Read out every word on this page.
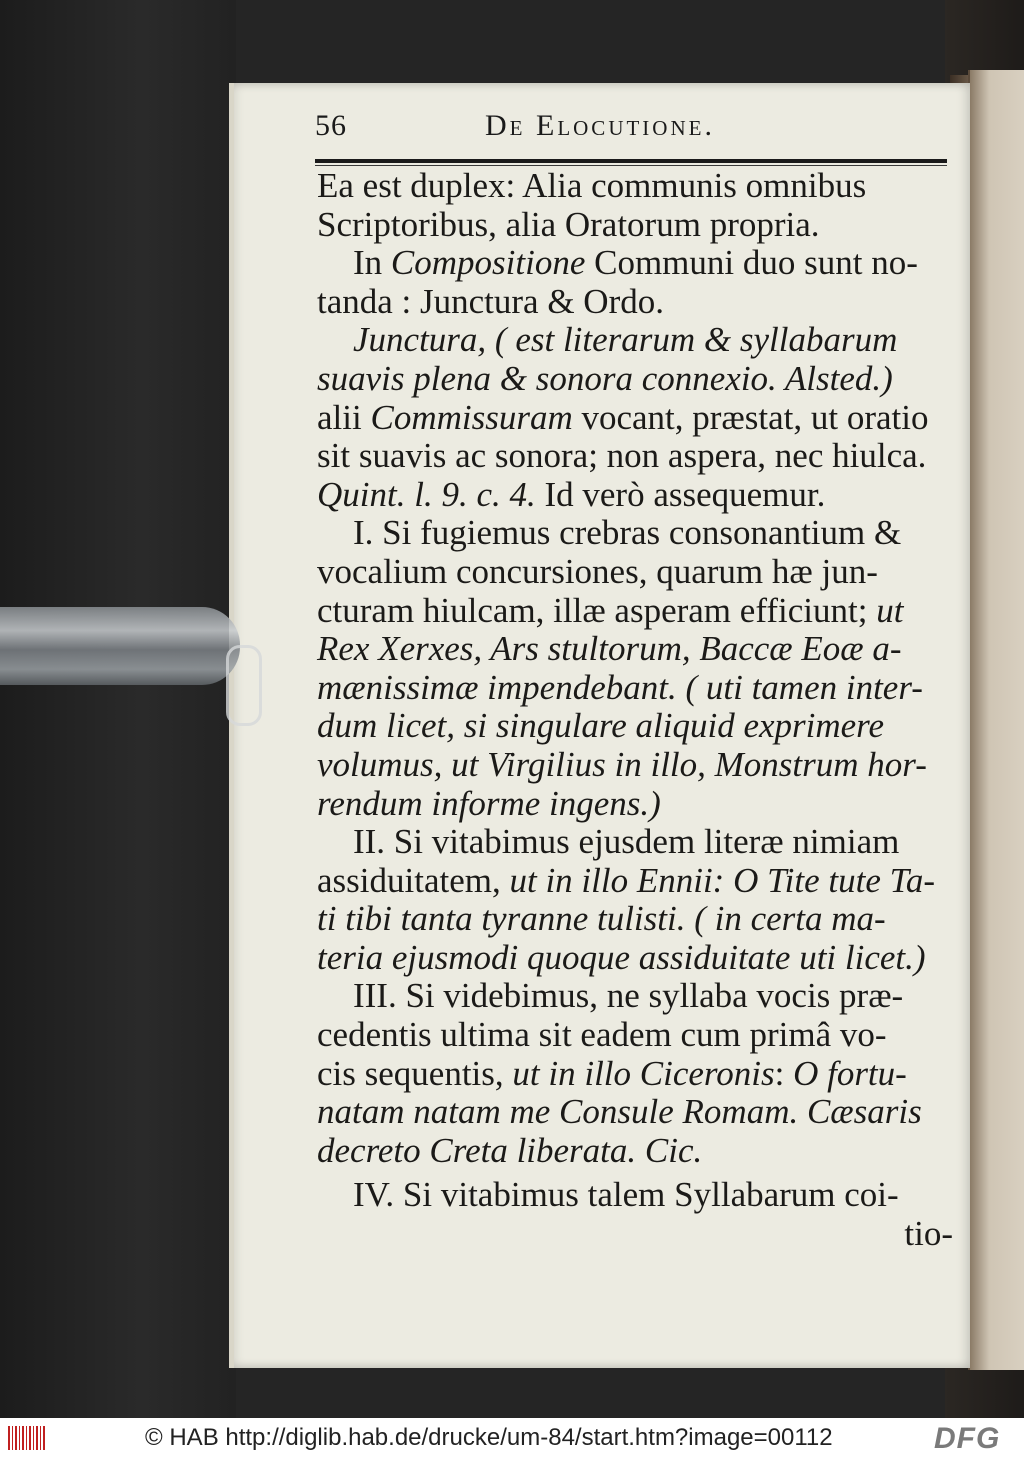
56	De Elocutione.
Ea est duplex: Alia communis omnibus
Scriptoribus, alia Oratorum propria.
In Compositione Communi duo sunt no-
tanda : Junctura & Ordo.
Junctura, ( est literarum & syllabarum
suavis plena & sonora connexio. Alsted.)
alii Commissuram vocant, præstat, ut oratio
sit suavis ac sonora; non aspera, nec hiulca.
Quint. l. 9. c. 4. Id verò assequemur.
I. Si fugiemus crebras consonantium &
vocalium concursiones, quarum hæ jun-
cturam hiulcam, illæ asperam efficiunt; ut
Rex Xerxes, Ars stultorum, Baccæ Eoæ a-
mænissimæ impendebant. ( uti tamen inter-
dum licet, si singulare aliquid exprimere
volumus, ut Virgilius in illo, Monstrum hor-
rendum informe ingens.)
II. Si vitabimus ejusdem literæ nimiam
assiduitatem, ut in illo Ennii: O Tite tute Ta-
ti tibi tanta tyranne tulisti. ( in certa ma-
teria ejusmodi quoque assiduitate uti licet.)
III. Si videbimus, ne syllaba vocis præ-
cedentis ultima sit eadem cum primâ vo-
cis sequentis, ut in illo Ciceronis: O fortu-
natam natam me Consule Romam. Cæsaris
decreto Creta liberata. Cic.
IV. Si vitabimus talem Syllabarum coi-
tio-
© HAB http://diglib.hab.de/drucke/um-84/start.htm?image=00112	DFG
